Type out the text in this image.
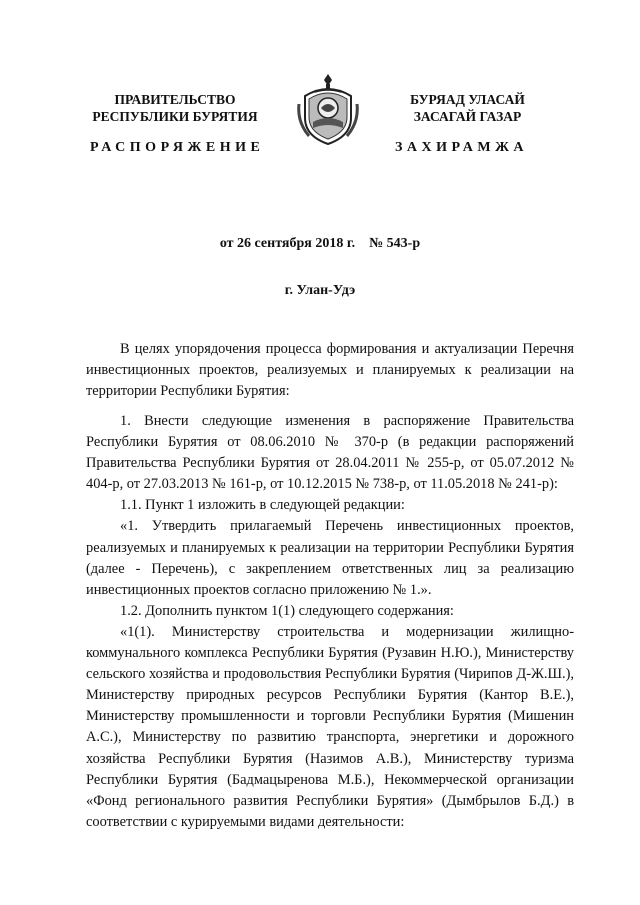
ПРАВИТЕЛЬСТВО
РЕСПУБЛИКИ БУРЯТИЯ
БУРЯАД УЛАСАЙ
ЗАСАГАЙ ГАЗАР
РАСПОРЯЖЕНИЕ	ЗАХИРАМЖА
от 26 сентября 2018 г. № 543-р
г. Улан-Удэ

В целях упорядочения процесса формирования и актуализации Перечня инвестиционных проектов, реализуемых и планируемых к реализации на территории Республики Бурятия:

1. Внести следующие изменения в распоряжение Правительства Республики Бурятия от 08.06.2010 № 370-р (в редакции распоряжений Правительства Республики Бурятия от 28.04.2011 № 255-р, от 05.07.2012 № 404-р, от 27.03.2013 № 161-р, от 10.12.2015 № 738-р, от 11.05.2018 № 241-р):

1.1. Пункт 1 изложить в следующей редакции:

«1. Утвердить прилагаемый Перечень инвестиционных проектов, реализуемых и планируемых к реализации на территории Республики Бурятия (далее - Перечень), с закреплением ответственных лиц за реализацию инвестиционных проектов согласно приложению № 1.».

1.2. Дополнить пунктом 1(1) следующего содержания:

«1(1). Министерству строительства и модернизации жилищно-коммунального комплекса Республики Бурятия (Рузавин Н.Ю.), Министерству сельского хозяйства и продовольствия Республики Бурятия (Чирипов Д-Ж.Ш.), Министерству природных ресурсов Республики Бурятия (Кантор В.Е.), Министерству промышленности и торговли Республики Бурятия (Мишенин А.С.), Министерству по развитию транспорта, энергетики и дорожного хозяйства Республики Бурятия (Назимов А.В.), Министерству туризма Республики Бурятия (Бадмацыренова М.Б.), Некоммерческой организации «Фонд регионального развития Республики Бурятия» (Дымбрылов Б.Д.) в соответствии с курируемыми видами деятельности:
